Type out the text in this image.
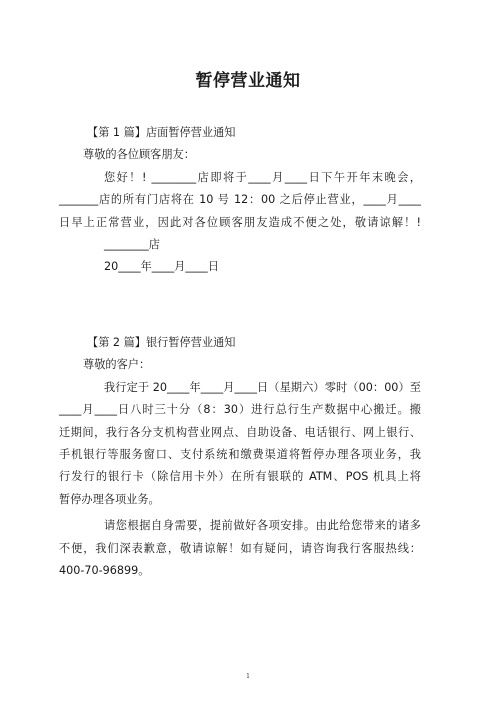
暂停营业通知
【第 1 篇】店面暂停营业通知
尊敬的各位顾客朋友：
您好！! ________店即将于____月____日下午开年末晚会，
_______店的所有门店将在 10 号 12：00 之后停止营业，____月____
日早上正常营业，因此对各位顾客朋友造成不便之处，敬请谅解！!
________店
20____年____月____日
【第 2 篇】银行暂停营业通知
尊敬的客户：
我行定于 20____年____月____日（星期六）零时（00：00）至
____月____日八时三十分（8：30）进行总行生产数据中心搬迁。搬
迁期间，我行各分支机构营业网点、自助设备、电话银行、网上银行、
手机银行等服务窗口、支付系统和缴费渠道将暂停办理各项业务，我
行发行的银行卡（除信用卡外）在所有银联的 ATM、POS 机具上将
暂停办理各项业务。
请您根据自身需要，提前做好各项安排。由此给您带来的诸多
不便，我们深表歉意，敬请谅解！如有疑问，请咨询我行客服热线：
400-70-96899。
1
